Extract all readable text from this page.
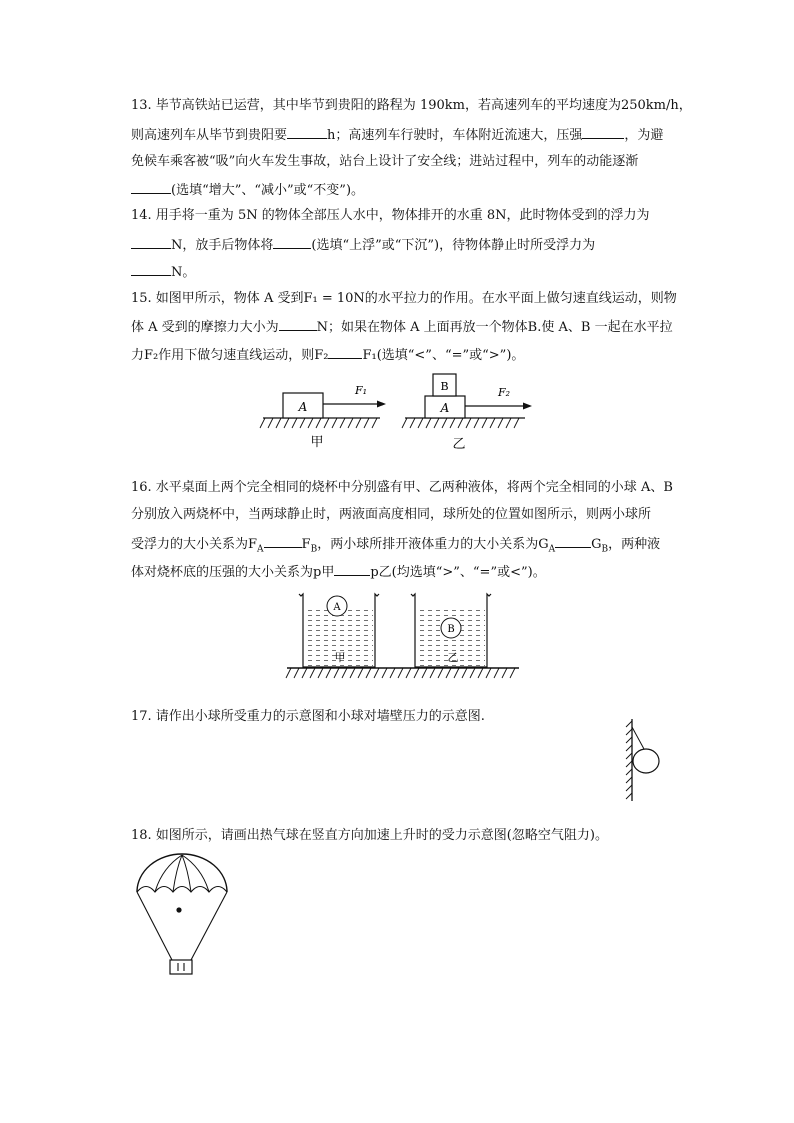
13. 毕节高铁站已运营，其中毕节到贵阳的路程为 190km，若高速列车的平均速度为250km/h，
则高速列车从毕节到贵阳要	h；高速列车行驶时，车体附近流速大，压强	，为避
免候车乘客被“吸”向火车发生事故，站台上设计了安全线；进站过程中，列车的动能逐渐
(选填“增大”、“减小”或“不变”)。
14. 用手将一重为 5N 的物体全部压人水中，物体排开的水重 8N，此时物体受到的浮力为
N，放手后物体将	(选填“上浮”或“下沉”)，待物体静止时所受浮力为
N。
15. 如图甲所示，物体 A 受到F₁ = 10N的水平拉力的作用。在水平面上做匀速直线运动，则物
体 A 受到的摩擦力大小为	N；如果在物体 A 上面再放一个物体B.使 A、B 一起在水平拉
力F₂作用下做匀速直线运动，则F₂	F₁(选填“<”、“=”或“>”)。
A
F₁
甲
A
B	F₂
乙
16. 水平桌面上两个完全相同的烧杯中分别盛有甲、乙两种液体，将两个完全相同的小球 A、B
分别放入两烧杯中，当两球静止时，两液面高度相同，球所处的位置如图所示，则两小球所
受浮力的大小关系为$F_A$	$F_B$，两小球所排开液体重力的大小关系为$G_A$	$G_B$，两种液
体对烧杯底的压强的大小关系为p甲	p乙(均选填“>”、“=”或<”)。
A
甲
B
乙
17. 请作出小球所受重力的示意图和小球对墙壁压力的示意图.
18. 如图所示，请画出热气球在竖直方向加速上升时的受力示意图(忽略空气阻力)。
